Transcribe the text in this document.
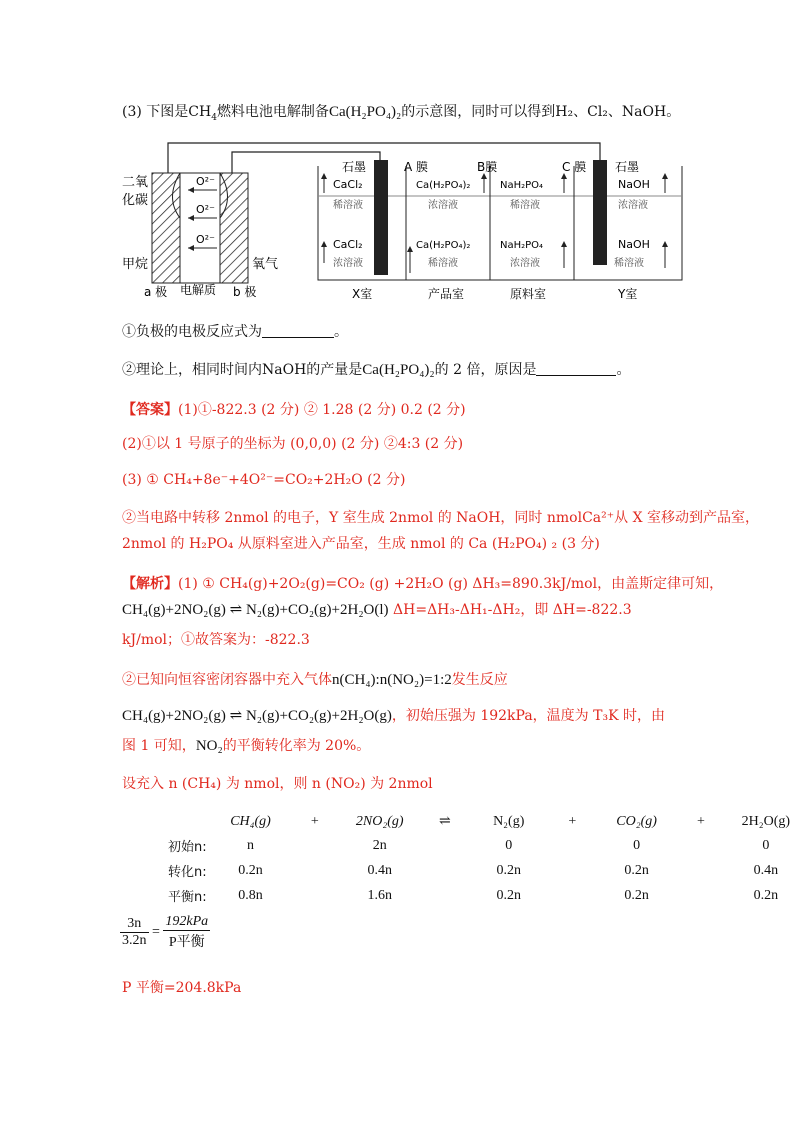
(3) 下图是$CH_4$燃料电池电解制备Ca(H₂PO₄)₂的示意图，同时可以得到H₂、Cl₂、NaOH。
O²⁻
O²⁻
O²⁻
二氧
化碳
甲烷	氧气
a 极 电解质 b 极
石墨	石墨
A 膜	B膜	C 膜
CaCl₂
稀溶液
CaCl₂
浓溶液
Ca(H₂PO₄)₂
浓溶液
Ca(H₂PO₄)₂
稀溶液
NaH₂PO₄
稀溶液
NaH₂PO₄
浓溶液
NaOH
浓溶液
NaOH
稀溶液
X室	产品室	原料室	Y室
①负极的电极反应式为	。
②理论上，相同时间内NaOH的产量是Ca(H₂PO₄)₂的 2 倍，原因是	。
【答案】(1)①-822.3 (2 分) ② 1.28 (2 分) 0.2 (2 分)
(2)①以 1 号原子的坐标为 (0,0,0) (2 分) ②4:3 (2 分)
(3) ① CH₄+8e⁻+4O²⁻=CO₂+2H₂O (2 分)
②当电路中转移 2nmol 的电子，Y 室生成 2nmol 的 NaOH，同时 nmolCa²⁺从 X 室移动到产品室，
2nmol 的 H₂PO₄ 从原料室进入产品室，生成 nmol 的 Ca (H₂PO₄) ₂ (3 分)
【解析】(1) ① CH₄(g)+2O₂(g)=CO₂ (g) +2H₂O (g) ΔH₃=890.3kJ/mol，由盖斯定律可知，
CH₄(g)+2NO₂(g) ⇌ N₂(g)+CO₂(g)+2H₂O(l) ΔH=ΔH₃-ΔH₁-ΔH₂，即 ΔH=-822.3
kJ/mol；①故答案为：-822.3
②已知向恒容密闭容器中充入气体n(CH₄):n(NO₂)=1:2发生反应
CH₄(g)+2NO₂(g) ⇌ N₂(g)+CO₂(g)+2H₂O(g)，初始压强为 192kPa，温度为 T₃K 时，由
图 1 可知，NO₂的平衡转化率为 20%。
设充入 n (CH₄) 为 nmol，则 n (NO₂) 为 2nmol
	CH₄(g)	+	2NO₂(g)	⇌	N₂(g)	+	CO₂(g)	+	2H₂O(g)
初始n:	n		2n		0		0		0
转化n:	0.2n		0.4n		0.2n		0.2n		0.4n
平衡n:	0.8n		1.6n		0.2n		0.2n		0.2n
$\frac{3n}{3.2n}$ =
192kPa
P平衡
P 平衡=204.8kPa
